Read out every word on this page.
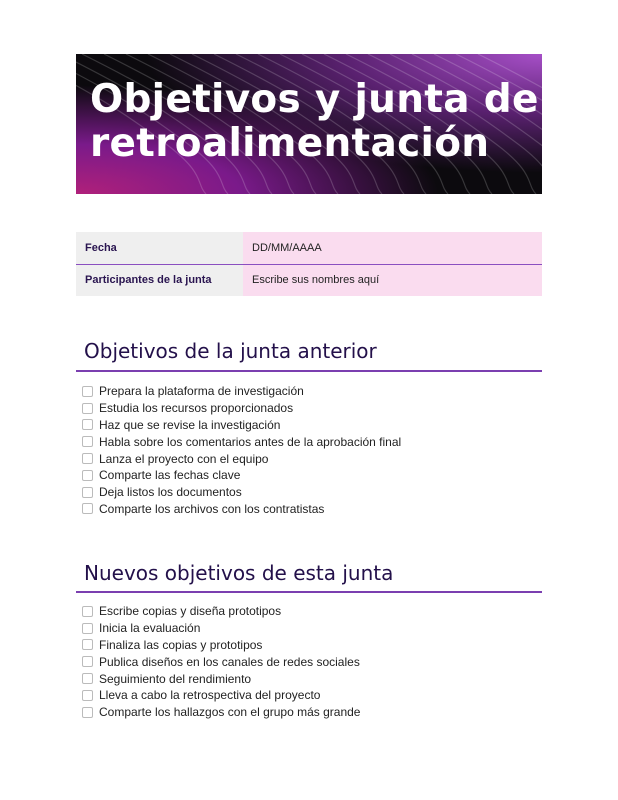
Objetivos y junta de retroalimentación
Fecha	DD/MM/AAAA
Participantes de la junta	Escribe sus nombres aquí
Objetivos de la junta anterior
Prepara la plataforma de investigación
Estudia los recursos proporcionados
Haz que se revise la investigación
Habla sobre los comentarios antes de la aprobación final
Lanza el proyecto con el equipo
Comparte las fechas clave
Deja listos los documentos
Comparte los archivos con los contratistas
Nuevos objetivos de esta junta
Escribe copias y diseña prototipos
Inicia la evaluación
Finaliza las copias y prototipos
Publica diseños en los canales de redes sociales
Seguimiento del rendimiento
Lleva a cabo la retrospectiva del proyecto
Comparte los hallazgos con el grupo más grande
